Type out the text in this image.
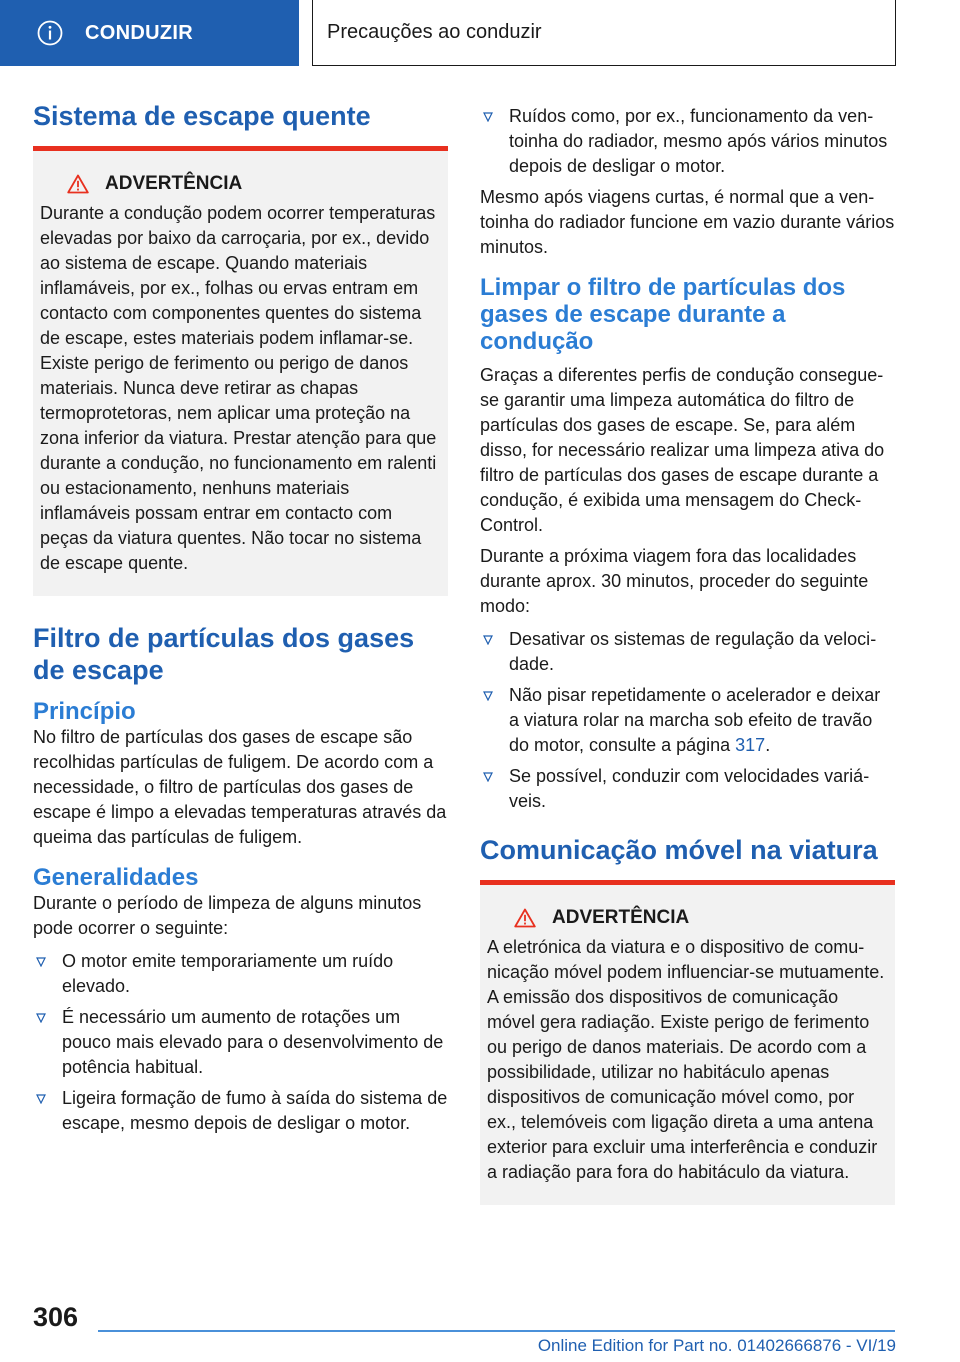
CONDUZIR	Precauções ao conduzir
Sistema de escape quente
ADVERTÊNCIA

Durante a condução podem ocorrer temperaturas elevadas por baixo da carroçaria, por ex., devido ao sistema de escape. Quando materiais inflamáveis, por ex., folhas ou ervas entram em contacto com componentes quentes do sistema de escape, estes materiais podem inflamar-se. Existe perigo de ferimento ou perigo de danos materiais. Nunca deve retirar as chapas termoprotetoras, nem aplicar uma proteção na zona inferior da viatura. Prestar atenção para que durante a condução, no funcionamento em ralenti ou estacionamento, nenhuns materiais inflamáveis possam entrar em contacto com peças da viatura quentes. Não tocar no sistema de escape quente.

Filtro de partículas dos gases de escape
Princípio

No filtro de partículas dos gases de escape são recolhidas partículas de fuligem. De acordo com a necessidade, o filtro de partículas dos gases de escape é limpo a elevadas temperaturas através da queima das partículas de fuligem.

Generalidades

Durante o período de limpeza de alguns minutos pode ocorrer o seguinte:

O motor emite temporariamente um ruído elevado.
É necessário um aumento de rotações um pouco mais elevado para o desenvolvimento de potência habitual.
Ligeira formação de fumo à saída do sistema de escape, mesmo depois de desligar o motor.
Ruídos como, por ex., funcionamento da ventoinha do radiador, mesmo após vários minutos depois de desligar o motor.

Mesmo após viagens curtas, é normal que a ventoinha do radiador funcione em vazio durante vários minutos.

Limpar o filtro de partículas dos gases de escape durante a condução

Graças a diferentes perfis de condução consegue-se garantir uma limpeza automática do filtro de partículas dos gases de escape. Se, para além disso, for necessário realizar uma limpeza ativa do filtro de partículas dos gases de escape durante a condução, é exibida uma mensagem do Check-Control.

Durante a próxima viagem fora das localidades durante aprox. 30 minutos, proceder do seguinte modo:

Desativar os sistemas de regulação da velocidade.
Não pisar repetidamente o acelerador e deixar a viatura rolar na marcha sob efeito de travão do motor, consulte a página 317.
Se possível, conduzir com velocidades variáveis.
Comunicação móvel na viatura
ADVERTÊNCIA

A eletrónica da viatura e o dispositivo de comunicação móvel podem influenciar-se mutuamente. A emissão dos dispositivos de comunicação móvel gera radiação. Existe perigo de ferimento ou perigo de danos materiais. De acordo com a possibilidade, utilizar no habitáculo apenas dispositivos de comunicação móvel como, por ex., telemóveis com ligação direta a uma antena exterior para excluir uma interferência e conduzir a radiação para fora do habitáculo da viatura.

306
Online Edition for Part no. 01402666876 - VI/19
